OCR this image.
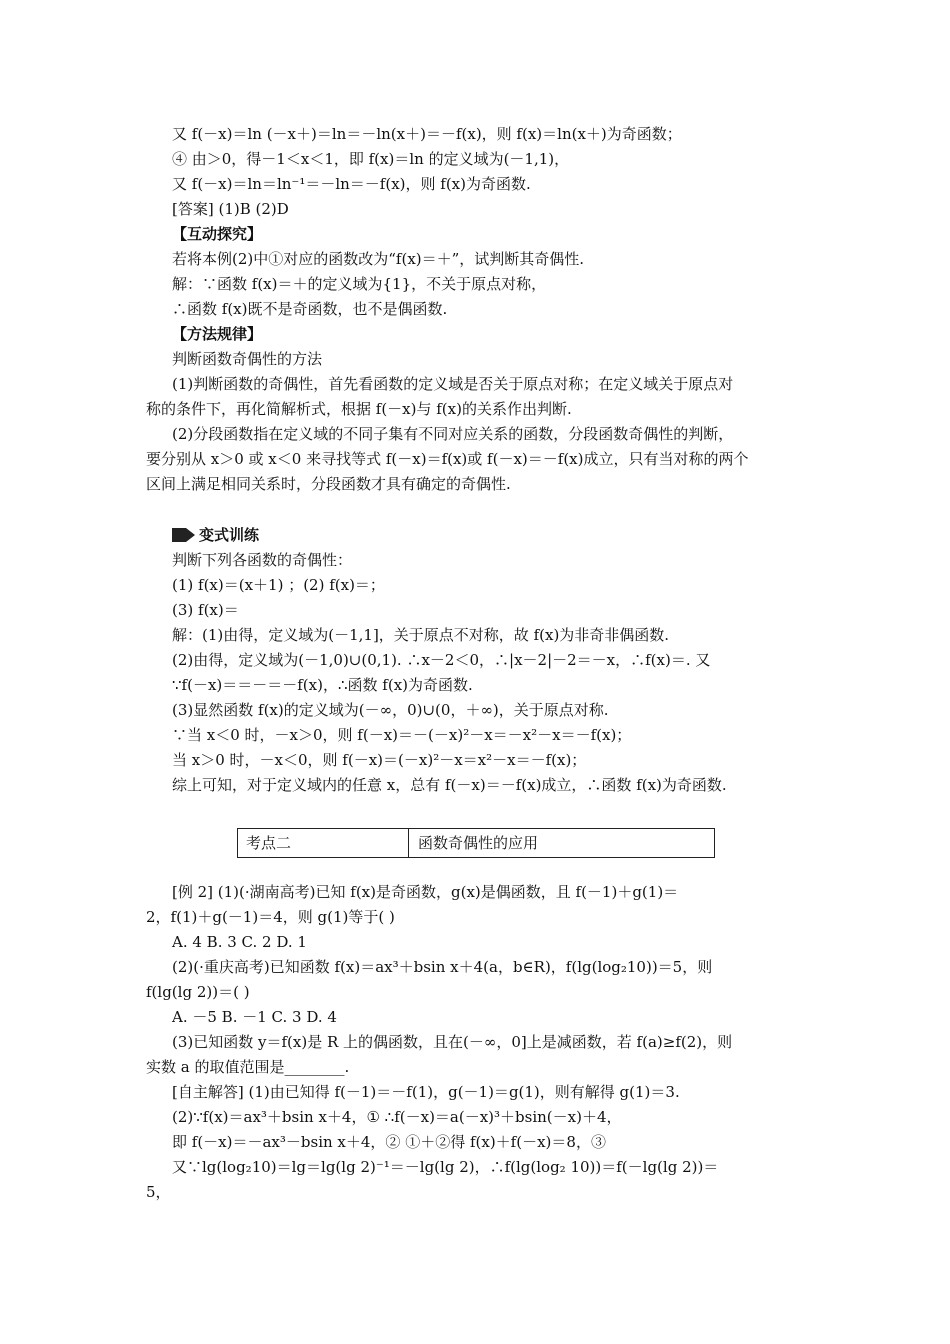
又 f(－x)＝ln (－x＋)＝ln＝－ln(x＋)＝－f(x)，则 f(x)＝ln(x＋)为奇函数；
④ 由＞0，得－1＜x＜1，即 f(x)＝ln 的定义域为(－1,1)，
又 f(－x)＝ln＝ln⁻¹＝－ln＝－f(x)，则 f(x)为奇函数.
[答案] (1)B (2)D
【互动探究】
若将本例(2)中①对应的函数改为“f(x)＝＋”，试判断其奇偶性.
解：∵函数 f(x)＝＋的定义域为{1}，不关于原点对称，
∴函数 f(x)既不是奇函数，也不是偶函数.
【方法规律】
判断函数奇偶性的方法
(1)判断函数的奇偶性，首先看函数的定义域是否关于原点对称；在定义域关于原点对
称的条件下，再化简解析式，根据 f(－x)与 f(x)的关系作出判断.
(2)分段函数指在定义域的不同子集有不同对应关系的函数，分段函数奇偶性的判断，
要分别从 x＞0 或 x＜0 来寻找等式 f(－x)＝f(x)或 f(－x)＝－f(x)成立，只有当对称的两个
区间上满足相同关系时，分段函数才具有确定的奇偶性.
变式训练
判断下列各函数的奇偶性：
(1) f(x)＝(x＋1) ；(2) f(x)＝；
(3) f(x)＝
解：(1)由得，定义域为(－1,1]，关于原点不对称，故 f(x)为非奇非偶函数.
(2)由得，定义域为(－1,0)∪(0,1). ∴x－2＜0，∴|x－2|－2＝－x，∴f(x)＝. 又
∵f(－x)＝＝－＝－f(x)，∴函数 f(x)为奇函数.
(3)显然函数 f(x)的定义域为(－∞，0)∪(0，＋∞)，关于原点对称.
∵当 x＜0 时，－x＞0，则 f(－x)＝－(－x)²－x＝－x²－x＝－f(x)；
当 x＞0 时，－x＜0，则 f(－x)＝(－x)²－x＝x²－x＝－f(x)；
综上可知，对于定义域内的任意 x，总有 f(－x)＝－f(x)成立，∴函数 f(x)为奇函数.
考点二	函数奇偶性的应用
[例 2] (1)(·湖南高考)已知 f(x)是奇函数，g(x)是偶函数，且 f(－1)＋g(1)＝
2，f(1)＋g(－1)＝4，则 g(1)等于( )
A. 4 B. 3 C. 2 D. 1
(2)(·重庆高考)已知函数 f(x)＝ax³＋bsin x＋4(a，b∈R)，f(lg(log₂10))＝5，则
f(lg(lg 2))＝( )
A. －5 B. －1 C. 3 D. 4
(3)已知函数 y＝f(x)是 R 上的偶函数，且在(－∞，0]上是减函数，若 f(a)≥f(2)，则
实数 a 的取值范围是________.
[自主解答] (1)由已知得 f(－1)＝－f(1)，g(－1)＝g(1)，则有解得 g(1)＝3.
(2)∵f(x)＝ax³＋bsin x＋4，① ∴f(－x)＝a(－x)³＋bsin(－x)＋4，
即 f(－x)＝－ax³－bsin x＋4，② ①＋②得 f(x)＋f(－x)＝8，③
又∵lg(log₂10)＝lg＝lg(lg 2)⁻¹＝－lg(lg 2)，∴f(lg(log₂ 10))＝f(－lg(lg 2))＝
5，
